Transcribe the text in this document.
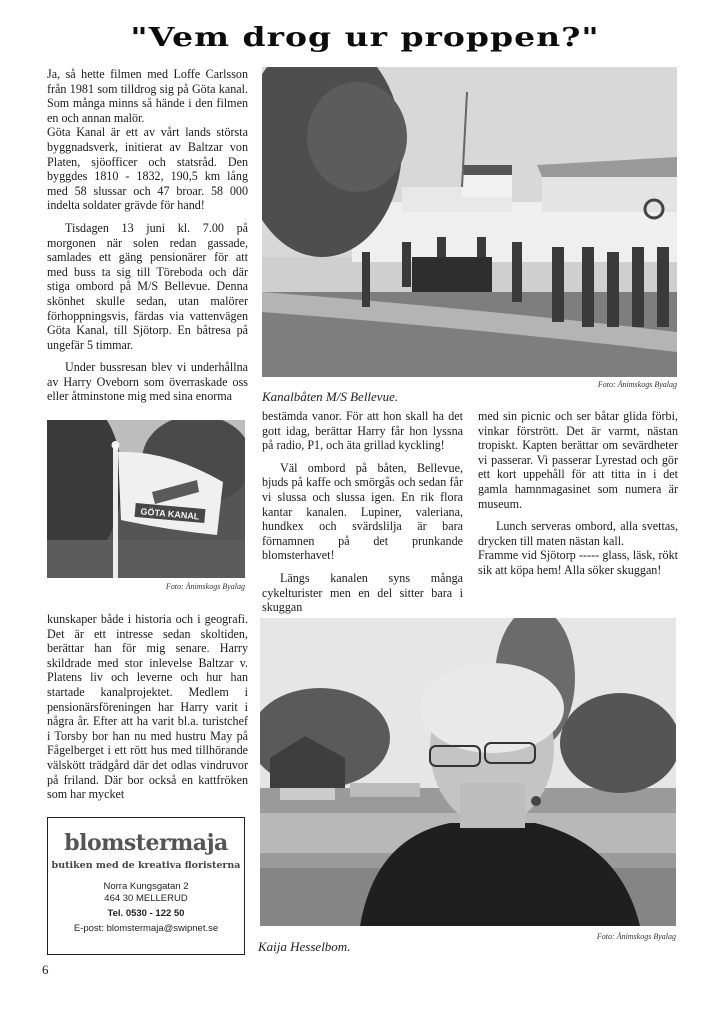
"Vem drog ur proppen?"

Ja, så hette filmen med Loffe Carlsson från 1981 som tilldrog sig på Göta kanal. Som många minns så hände i den filmen en och annan malör.

Göta Kanal är ett av vårt lands största byggnadsverk, initierat av Baltzar von Platen, sjöofficer och statsråd. Den byggdes 1810 - 1832, 190,5 km lång med 58 slussar och 47 broar. 58 000 indelta soldater grävde för hand!

Tisdagen 13 juni kl. 7.00 på morgonen när solen redan gassade, samlades ett gäng pensionärer för att med buss ta sig till Töreboda och där stiga ombord på M/S Bellevue. Denna skönhet skulle sedan, utan malörer förhoppningsvis, färdas via vattenvägen Göta Kanal, till Sjötorp. En båtresa på ungefär 5 timmar.

Under bussresan blev vi underhållna av Harry Oveborn som överraskade oss eller åtminstone mig med sina enorma

Foto: Ånimskogs Byalag
Kanalbåten M/S Bellevue.
GÖTA KANAL
Foto: Ånimskogs Byalag

bestämda vanor. För att hon skall ha det gott idag, berättar Harry får hon lyssna på radio, P1, och äta grillad kyckling!

Väl ombord på båten, Bellevue, bjuds på kaffe och smörgås och sedan får vi slussa och slussa igen. En rik flora kantar kanalen. Lupiner, valeriana, hundkex och svärdslilja är bara förnamnen på det prunkande blomsterhavet!

Längs kanalen syns många cykelturister men en del sitter bara i skuggan

med sin picnic och ser båtar glida förbi, vinkar förstrött. Det är varmt, nästan tropiskt. Kapten berättar om sevärdheter vi passerar. Vi passerar Lyrestad och gör ett kort uppehåll för att titta in i det gamla hamnmagasinet som numera är museum.

Lunch serveras ombord, alla svettas, drycken till maten nästan kall.

Framme vid Sjötorp ----- glass, läsk, rökt sik att köpa hem! Alla söker skuggan!

kunskaper både i historia och i geografi. Det är ett intresse sedan skoltiden, berättar han för mig senare. Harry skildrade med stor inlevelse Baltzar v. Platens liv och leverne och hur han startade kanalprojektet. Medlem i pensionärsföreningen har Harry varit i några år. Efter att ha varit bl.a. turistchef i Torsby bor han nu med hustru May på Fågelberget i ett rött hus med tillhörande välskött trädgård där det odlas vindruvor på friland. Där bor också en kattfröken som har mycket

Foto: Ånimskogs Byalag
Kaija Hesselbom.
blomstermaja
butiken med de kreativa floristerna
Norra Kungsgatan 2
464 30 MELLERUD
Tel. 0530 - 122 50
E-post: blomstermaja@swipnet.se
6
